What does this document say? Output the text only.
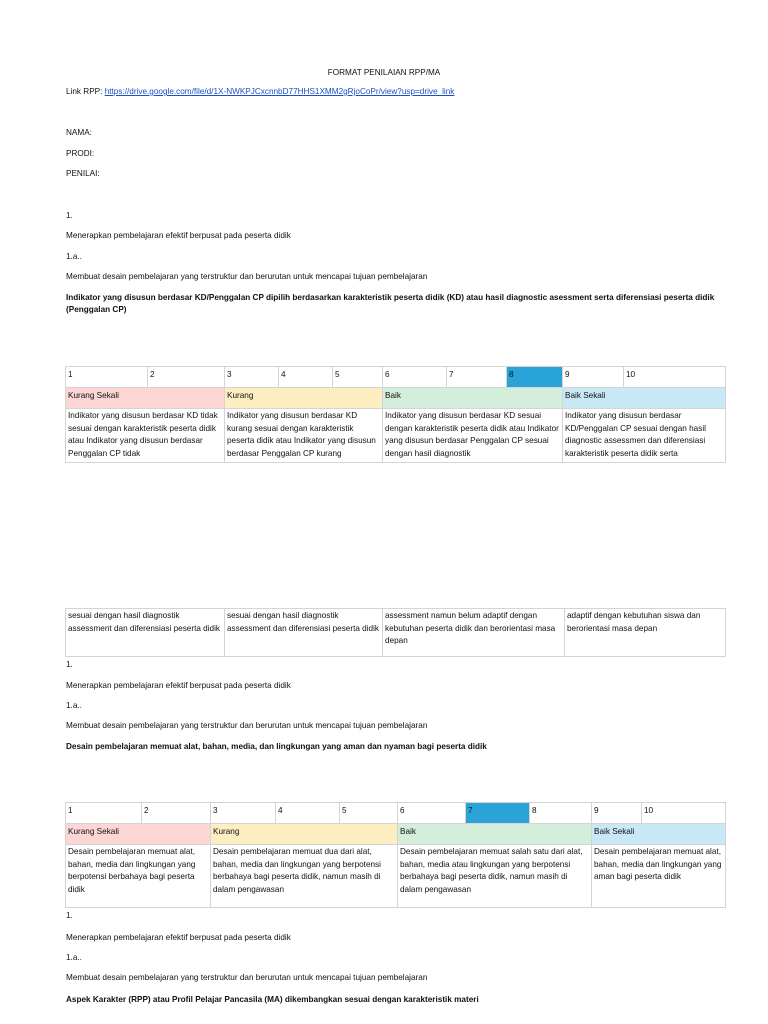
FORMAT PENILAIAN RPP/MA
Link RPP: https://drive.google.com/file/d/1X-NWKPJCxcnnbD77HHS1XMM2gRjoCoPr/view?usp=drive_link
NAMA:
PRODI:
PENILAI:
1.
Menerapkan pembelajaran efektif berpusat pada peserta didik
1.a..
Membuat desain pembelajaran yang terstruktur dan berurutan untuk mencapai tujuan pembelajaran
Indikator yang disusun berdasar KD/Penggalan CP dipilih berdasarkan karakteristik peserta didik (KD) atau hasil diagnostic asessment serta diferensiasi peserta didik (Penggalan CP)
1	2	3	4	5	6	7	8	9	10
Kurang Sekali		Kurang			Baik			Baik Sekali	
Indikator yang disusun berdasar KD tidak sesuai dengan karakteristik peserta didik atau Indikator yang disusun berdasar Penggalan CP tidak		Indikator yang disusun berdasar KD kurang sesuai dengan karakteristik peserta didik atau Indikator yang disusun berdasar Penggalan CP kurang			Indikator yang disusun berdasar KD sesuai dengan karakteristik peserta didik atau Indikator yang disusun berdasar Penggalan CP sesuai dengan hasil diagnostik			Indikator yang disusun berdasar KD/Penggalan CP sesuai dengan hasil diagnostic assessmen dan diferensiasi karakteristik peserta didik serta	
sesuai dengan hasil diagnostik assessment dan diferensiasi peserta didik	sesuai dengan hasil diagnostik assessment dan diferensiasi peserta didik	assessment namun belum adaptif dengan kebutuhan peserta didik dan berorientasi masa depan	adaptif dengan kebutuhan siswa dan berorientasi masa depan
1.
Menerapkan pembelajaran efektif berpusat pada peserta didik
1.a..
Membuat desain pembelajaran yang terstruktur dan berurutan untuk mencapai tujuan pembelajaran
Desain pembelajaran memuat alat, bahan, media, dan lingkungan yang aman dan nyaman bagi peserta didik
1	2	3	4	5	6	7	8	9	10
Kurang Sekali		Kurang			Baik			Baik Sekali	
Desain pembelajaran memuat alat, bahan, media dan lingkungan yang berpotensi berbahaya bagi peserta didik		Desain pembelajaran memuat dua dari alat, bahan, media dan lingkungan yang berpotensi berbahaya bagi peserta didik, namun masih di dalam pengawasan			Desain pembelajaran memuat salah satu dari alat, bahan, media atau lingkungan yang berpotensi berbahaya bagi peserta didik, namun masih di dalam pengawasan			Desain pembelajaran memuat alat, bahan, media dan lingkungan yang aman bagi peserta didik	
1.
Menerapkan pembelajaran efektif berpusat pada peserta didik
1.a..
Membuat desain pembelajaran yang terstruktur dan berurutan untuk mencapai tujuan pembelajaran
Aspek Karakter (RPP) atau Profil Pelajar Pancasila (MA) dikembangkan sesuai dengan karakteristik materi
